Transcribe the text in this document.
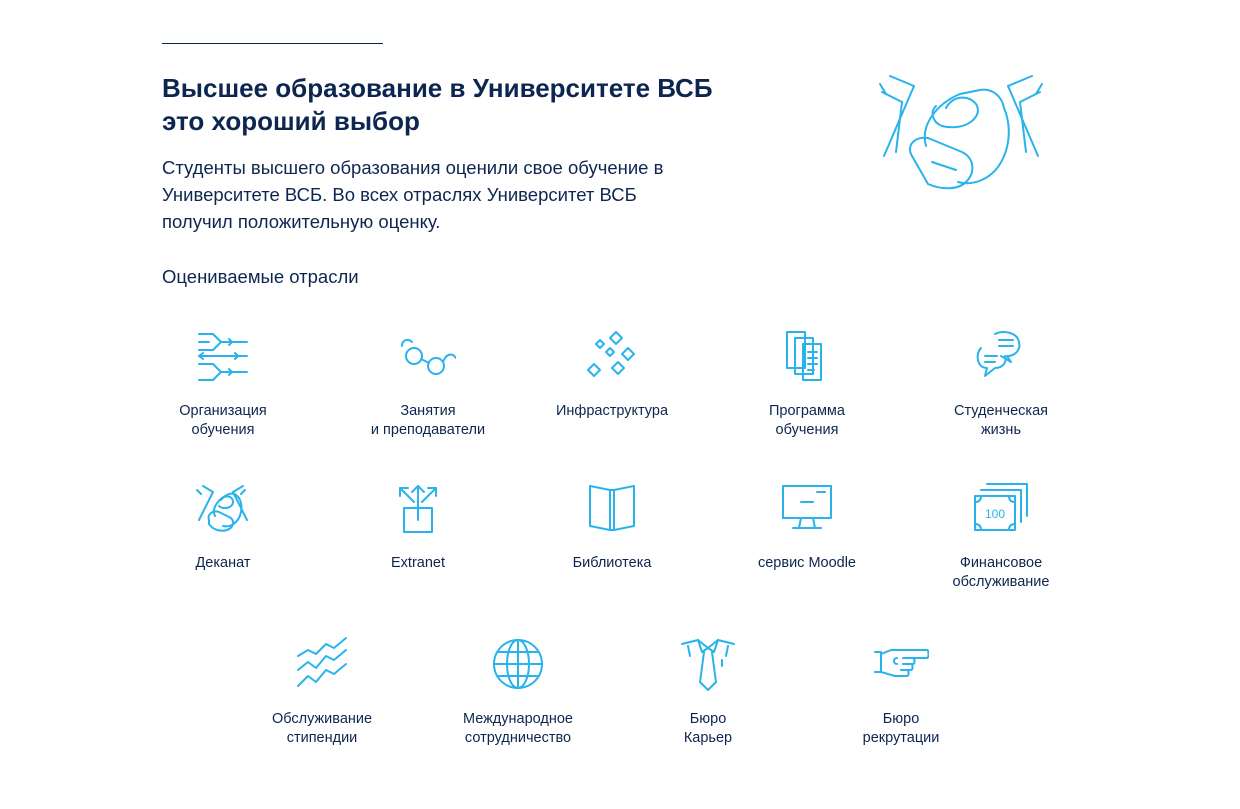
Высшее образование в Университете ВСБ это хороший выбор

Студенты высшего образования оценили свое обучение в Университете ВСБ. Во всех отраслях Университет ВСБ получил положительную оценку.

Оцениваемые отрасли

Организация
обучения
Занятия
и преподаватели
Инфраструктура	Программа
обучения
Студенческая
жизнь
Деканат	Extranet	Библиотека	сервис Moodle
100
Финансовое
обслуживание
Обслуживание
стипендии
Международное
сотрудничество
Бюро
Карьер
Бюро
рекрутации
